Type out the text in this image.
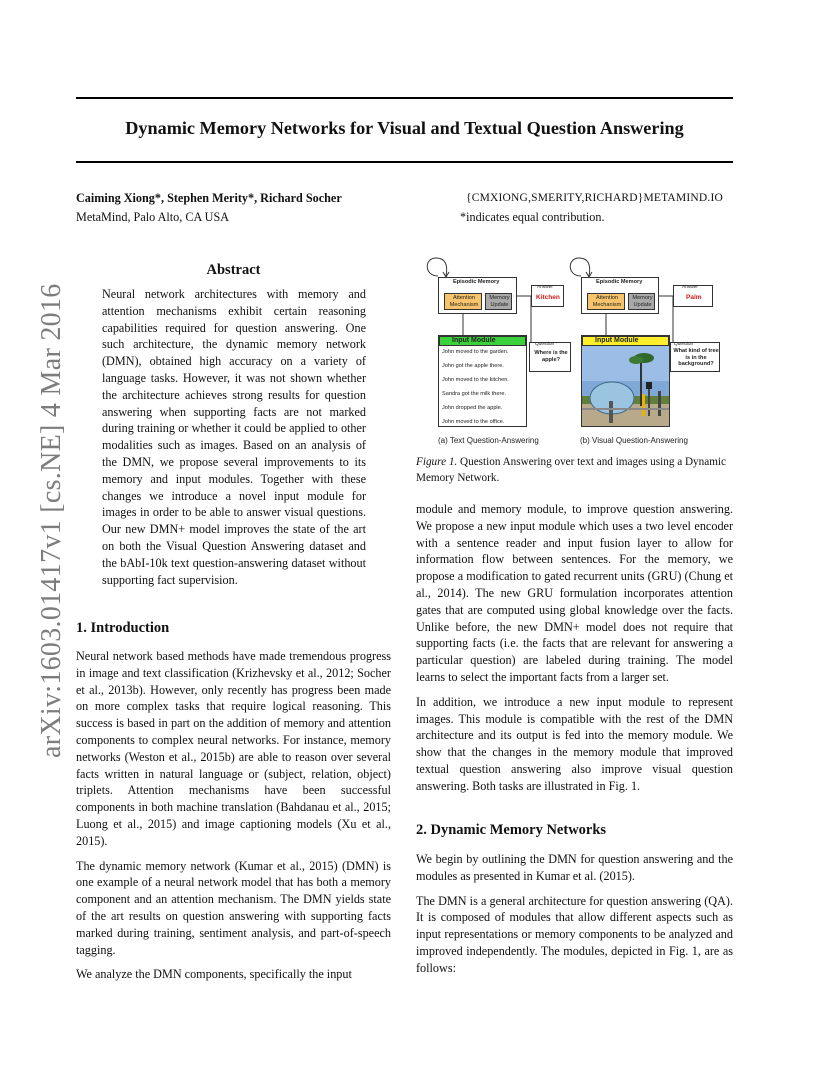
Dynamic Memory Networks for Visual and Textual Question Answering
Caiming Xiong*, Stephen Merity*, Richard Socher
MetaMind, Palo Alto, CA USA
{CMXIONG,SMERITY,RICHARD}METAMIND.IO
*indicates equal contribution.
arXiv:1603.01417v1 [cs.NE] 4 Mar 2016
Abstract

Neural network architectures with memory and attention mechanisms exhibit certain reasoning capabilities required for question answering. One such architecture, the dynamic memory network (DMN), obtained high accuracy on a variety of language tasks. However, it was not shown whether the architecture achieves strong results for question answering when supporting facts are not marked during training or whether it could be applied to other modalities such as images. Based on an analysis of the DMN, we propose several improvements to its memory and input modules. Together with these changes we introduce a novel input module for images in order to be able to answer visual questions. Our new DMN+ model improves the state of the art on both the Visual Question Answering dataset and the bAbI-10k text question-answering dataset without supporting fact supervision.

1. Introduction

Neural network based methods have made tremendous progress in image and text classification (Krizhevsky et al., 2012; Socher et al., 2013b). However, only recently has progress been made on more complex tasks that require logical reasoning. This success is based in part on the addition of memory and attention components to complex neural networks. For instance, memory networks (Weston et al., 2015b) are able to reason over several facts written in natural language or (subject, relation, object) triplets. Attention mechanisms have been successful components in both machine translation (Bahdanau et al., 2015; Luong et al., 2015) and image captioning models (Xu et al., 2015).

The dynamic memory network (Kumar et al., 2015) (DMN) is one example of a neural network model that has both a memory component and an attention mechanism. The DMN yields state of the art results on question answering with supporting facts marked during training, sentiment analysis, and part-of-speech tagging.

We analyze the DMN components, specifically the input

Episodic Memory
Attention Mechanism
Memory Update
Answer
Kitchen
Input Module
John moved to the garden.
John got the apple there.
John moved to the kitchen.
Sandra got the milk there.
John dropped the apple.
John moved to the office.
Question
Where is the apple?
Episodic Memory
Attention Mechanism
Memory Update
Answer
Palm
Input Module
Question
What kind of tree is in the background?
(a) Text Question-Answering	(b) Visual Question-Answering
Figure 1. Question Answering over text and images using a Dynamic Memory Network.

module and memory module, to improve question answering. We propose a new input module which uses a two level encoder with a sentence reader and input fusion layer to allow for information flow between sentences. For the memory, we propose a modification to gated recurrent units (GRU) (Chung et al., 2014). The new GRU formulation incorporates attention gates that are computed using global knowledge over the facts. Unlike before, the new DMN+ model does not require that supporting facts (i.e. the facts that are relevant for answering a particular question) are labeled during training. The model learns to select the important facts from a larger set.

In addition, we introduce a new input module to represent images. This module is compatible with the rest of the DMN architecture and its output is fed into the memory module. We show that the changes in the memory module that improved textual question answering also improve visual question answering. Both tasks are illustrated in Fig. 1.

2. Dynamic Memory Networks

We begin by outlining the DMN for question answering and the modules as presented in Kumar et al. (2015).

The DMN is a general architecture for question answering (QA). It is composed of modules that allow different aspects such as input representations or memory components to be analyzed and improved independently. The modules, depicted in Fig. 1, are as follows:
